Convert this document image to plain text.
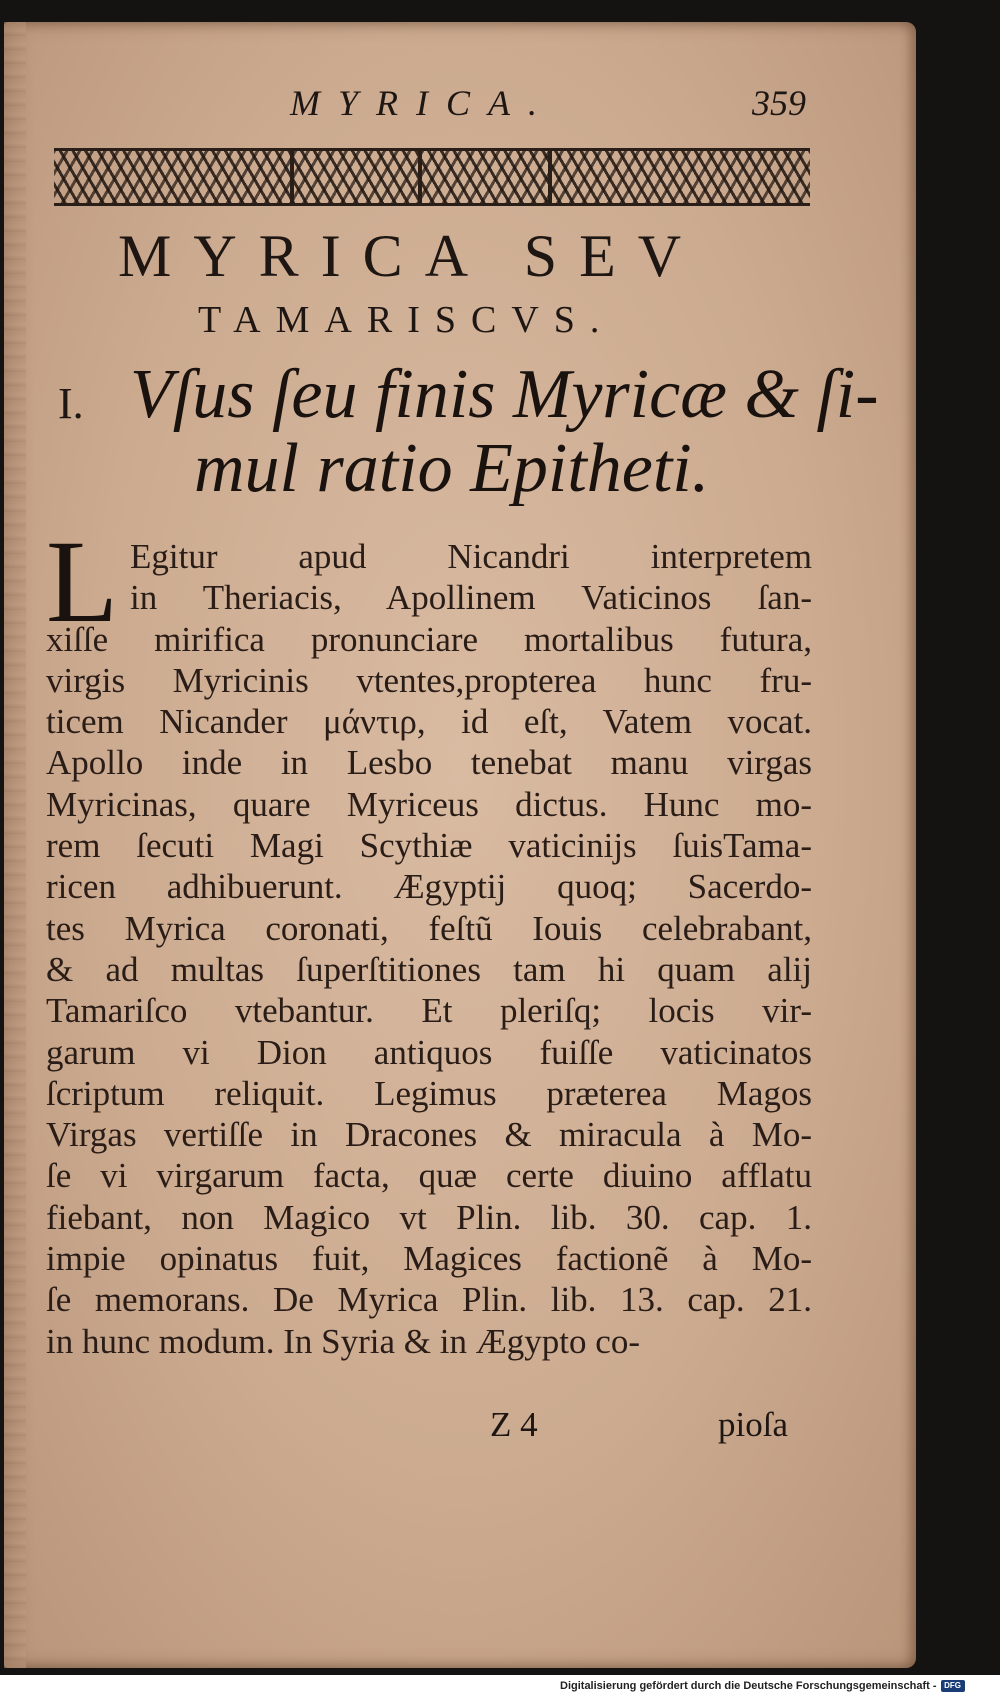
MYRICA.	359
MYRICA SEV
TAMARISCVS.
I. Vſus ſeu finis Myricæ & ſi-
mul ratio Epitheti.
L Egitur apud Nicandri interpretem
in Theriacis, Apollinem Vaticinos ſan-
xiſſe mirifica pronunciare mortalibus futura,
virgis Myricinis vtentes,propterea hunc fru-
ticem Nicander μάντιρ, id eſt, Vatem vocat.
Apollo inde in Lesbo tenebat manu virgas
Myricinas, quare Myriceus dictus. Hunc mo-
rem ſecuti Magi Scythiæ vaticinijs ſuisTama-
ricen adhibuerunt. Ægyptij quoq; Sacerdo-
tes Myrica coronati, feſtũ Iouis celebrabant,
& ad multas ſuperſtitiones tam hi quam alij
Tamariſco vtebantur. Et pleriſq; locis vir-
garum vi Dion antiquos fuiſſe vaticinatos
ſcriptum reliquit. Legimus præterea Magos
Virgas vertiſſe in Dracones & miracula à Mo-
ſe vi virgarum facta, quæ certe diuino afflatu
fiebant, non Magico vt Plin. lib. 30. cap. 1.
impie opinatus fuit, Magices factionẽ à Mo-
ſe memorans. De Myrica Plin. lib. 13. cap. 21.
in hunc modum. In Syria & in Ægypto co-
Z 4	pioſa
Digitalisierung gefördert durch die Deutsche Forschungsgemeinschaft - DFG
